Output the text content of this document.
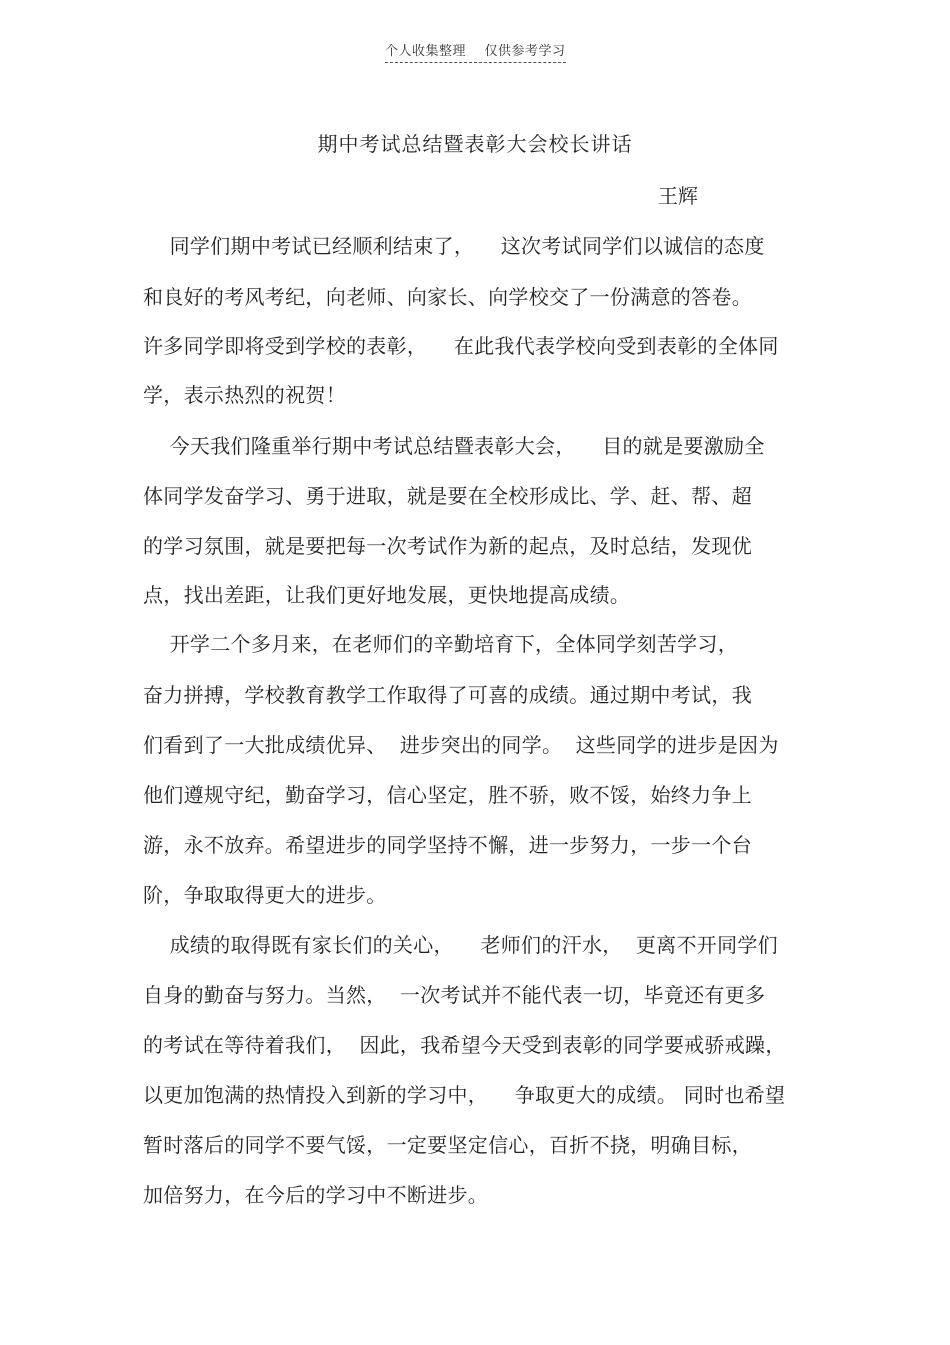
个人收集整理    仅供参考学习
期中考试总结暨表彰大会校长讲话
王辉
同学们期中考试已经顺利结束了，    这次考试同学们以诚信的态度
和良好的考风考纪，向老师、向家长、向学校交了一份满意的答卷。
许多同学即将受到学校的表彰，    在此我代表学校向受到表彰的全体同
学，表示热烈的祝贺！
今天我们隆重举行期中考试总结暨表彰大会，    目的就是要激励全
体同学发奋学习、勇于进取，就是要在全校形成比、学、赶、帮、超
的学习氛围，就是要把每一次考试作为新的起点，及时总结，发现优
点，找出差距，让我们更好地发展，更快地提高成绩。
开学二个多月来，在老师们的辛勤培育下，全体同学刻苦学习，
奋力拼搏，学校教育教学工作取得了可喜的成绩。通过期中考试，我
们看到了一大批成绩优异、  进步突出的同学。  这些同学的进步是因为
他们遵规守纪，勤奋学习，信心坚定，胜不骄，败不馁，始终力争上
游，永不放弃。希望进步的同学坚持不懈，进一步努力，一步一个台
阶，争取取得更大的进步。
成绩的取得既有家长们的关心，    老师们的汗水，  更离不开同学们
自身的勤奋与努力。当然，  一次考试并不能代表一切，毕竟还有更多
的考试在等待着我们，  因此，我希望今天受到表彰的同学要戒骄戒躁，
以更加饱满的热情投入到新的学习中，    争取更大的成绩。 同时也希望
暂时落后的同学不要气馁，一定要坚定信心，百折不挠，明确目标，
加倍努力，在今后的学习中不断进步。
